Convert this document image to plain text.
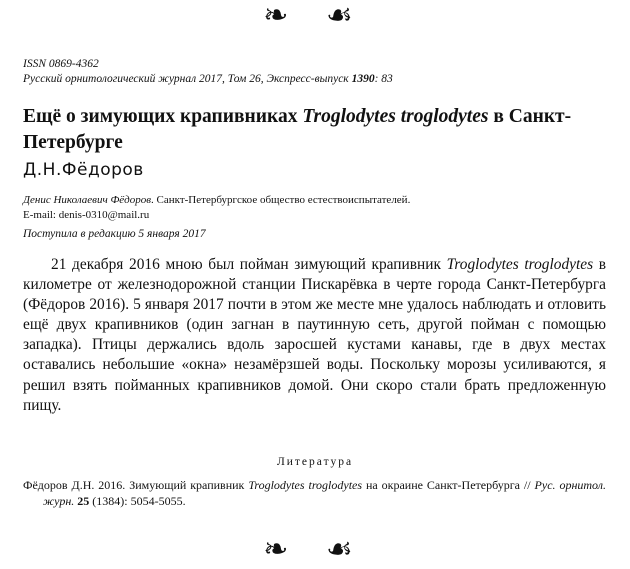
❧ ☙
ISSN 0869-4362
Русский орнитологический журнал 2017, Том 26, Экспресс-выпуск 1390: 83
Ещё о зимующих крапивниках Troglodytes troglodytes в Санкт-Петербурге
Д.Н.Фёдоров
Денис Николаевич Фёдоров. Санкт-Петербургское общество естествоиспытателей.
E-mail: denis-0310@mail.ru
Поступила в редакцию 5 января 2017

21 декабря 2016 мною был пойман зимующий крапивник Troglodytes troglodytes в километре от железнодорожной станции Пискарёвка в черте города Санкт-Петербурга (Фёдоров 2016). 5 января 2017 почти в этом же месте мне удалось наблюдать и отловить ещё двух крапивников (один загнан в паутинную сеть, другой пойман с помощью западка). Птицы держались вдоль заросшей кустами канавы, где в двух местах оставались небольшие «окна» незамёрзшей воды. Поскольку морозы усиливаются, я решил взять пойманных крапивников домой. Они скоро стали брать предложенную пищу.

Литература

Фёдоров Д.Н. 2016. Зимующий крапивник Troglodytes troglodytes на окраине Санкт-Петербурга // Рус. орнитол. журн. 25 (1384): 5054-5055.

❧ ☙
